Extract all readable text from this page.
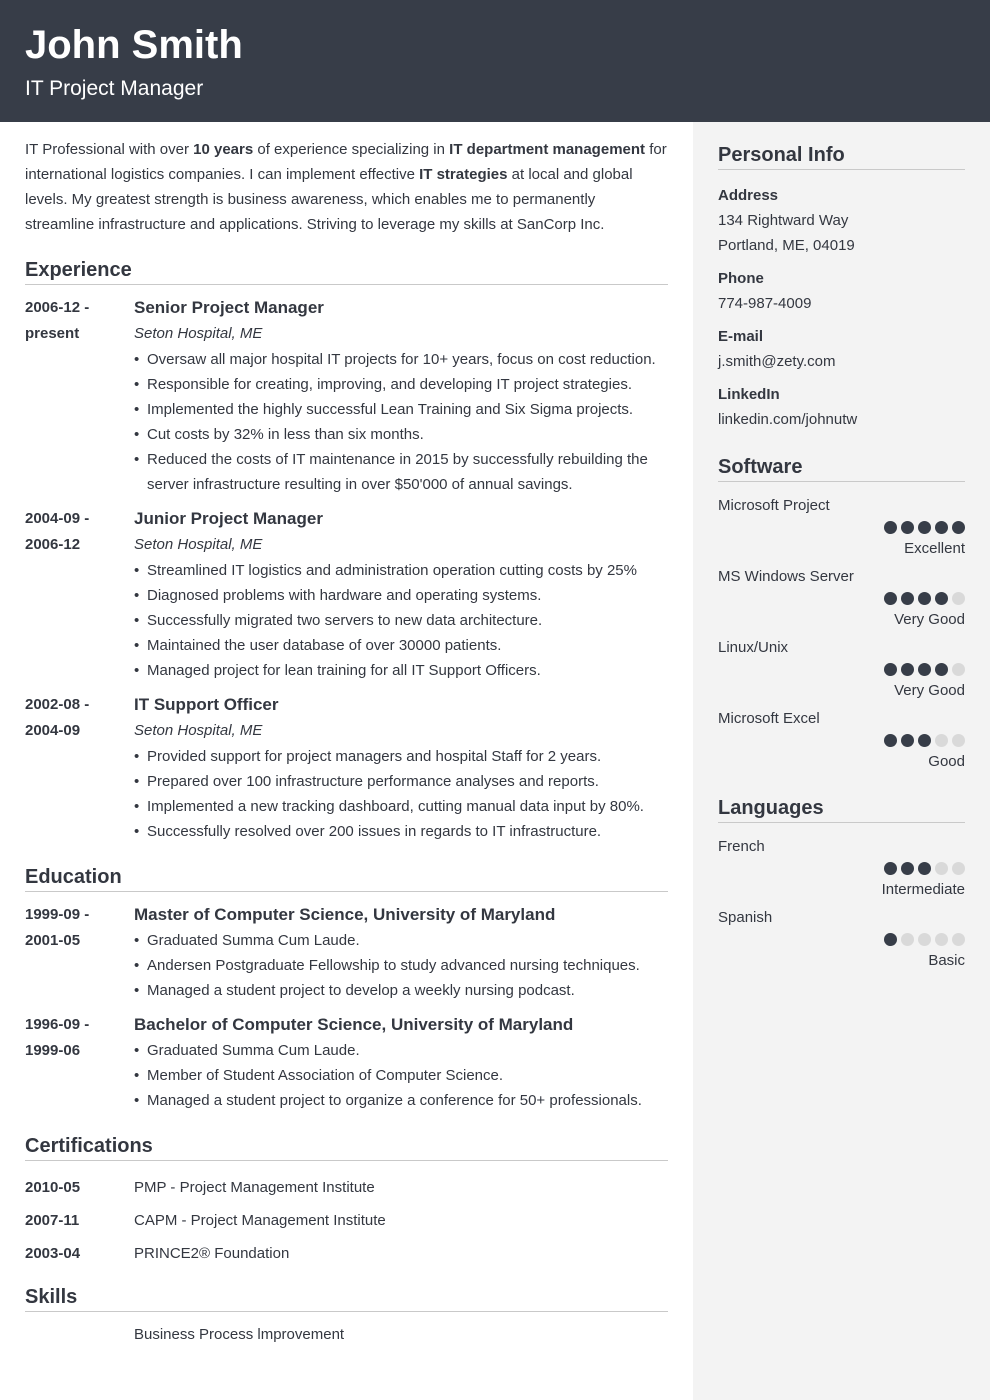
John Smith
IT Project Manager

IT Professional with over 10 years of experience specializing in IT department management for international logistics companies. I can implement effective IT strategies at local and global levels. My greatest strength is business awareness, which enables me to permanently streamline infrastructure and applications. Striving to leverage my skills at SanCorp Inc.

Experience
2006-12 -
present
Senior Project Manager
Seton Hospital, ME
• Oversaw all major hospital IT projects for 10+ years, focus on cost reduction.
• Responsible for creating, improving, and developing IT project strategies.
• Implemented the highly successful Lean Training and Six Sigma projects.
• Cut costs by 32% in less than six months.
• Reduced the costs of IT maintenance in 2015 by successfully rebuilding the server infrastructure resulting in over $50'000 of annual savings.
2004-09 -
2006-12
Junior Project Manager
Seton Hospital, ME
• Streamlined IT logistics and administration operation cutting costs by 25%
• Diagnosed problems with hardware and operating systems.
• Successfully migrated two servers to new data architecture.
• Maintained the user database of over 30000 patients.
• Managed project for lean training for all IT Support Officers.
2002-08 -
2004-09
IT Support Officer
Seton Hospital, ME
• Provided support for project managers and hospital Staff for 2 years.
• Prepared over 100 infrastructure performance analyses and reports.
• Implemented a new tracking dashboard, cutting manual data input by 80%.
• Successfully resolved over 200 issues in regards to IT infrastructure.
Education
1999-09 -
2001-05
Master of Computer Science, University of Maryland
• Graduated Summa Cum Laude.
• Andersen Postgraduate Fellowship to study advanced nursing techniques.
• Managed a student project to develop a weekly nursing podcast.
1996-09 -
1999-06
Bachelor of Computer Science, University of Maryland
• Graduated Summa Cum Laude.
• Member of Student Association of Computer Science.
• Managed a student project to organize a conference for 50+ professionals.
Certifications
2010-05	PMP - Project Management Institute
2007-11	CAPM - Project Management Institute
2003-04	PRINCE2® Foundation
Skills
Business Process lmprovement
Personal Info
Address
134 Rightward Way
Portland, ME, 04019
Phone
774-987-4009
E-mail
j.smith@zety.com
LinkedIn
linkedin.com/johnutw
Software
Microsoft Project
Excellent
MS Windows Server
Very Good
Linux/Unix
Very Good
Microsoft Excel
Good
Languages
French
Intermediate
Spanish
Basic
